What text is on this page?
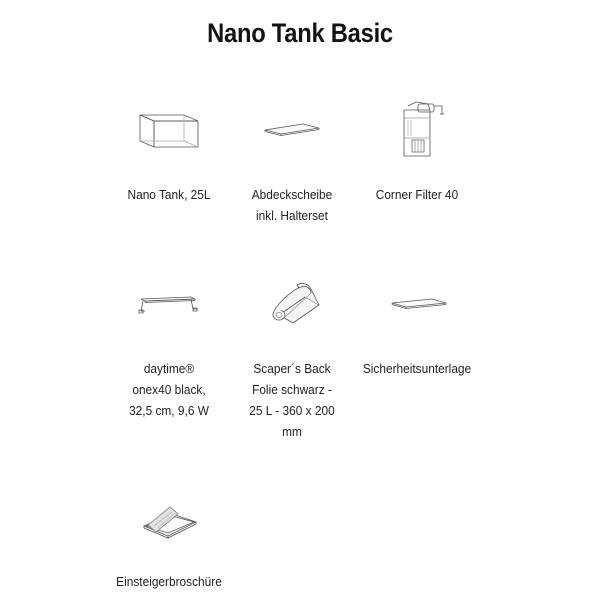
Nano Tank Basic
Nano Tank, 25L	Abdeckscheibe
inkl. Halterset
Corner Filter 40
daytime®
onex40 black,
32,5 cm, 9,6 W
Scaper´s Back
Folie schwarz -
25 L - 360 x 200
mm
Sicherheitsunterlage
Einsteigerbroschüre
